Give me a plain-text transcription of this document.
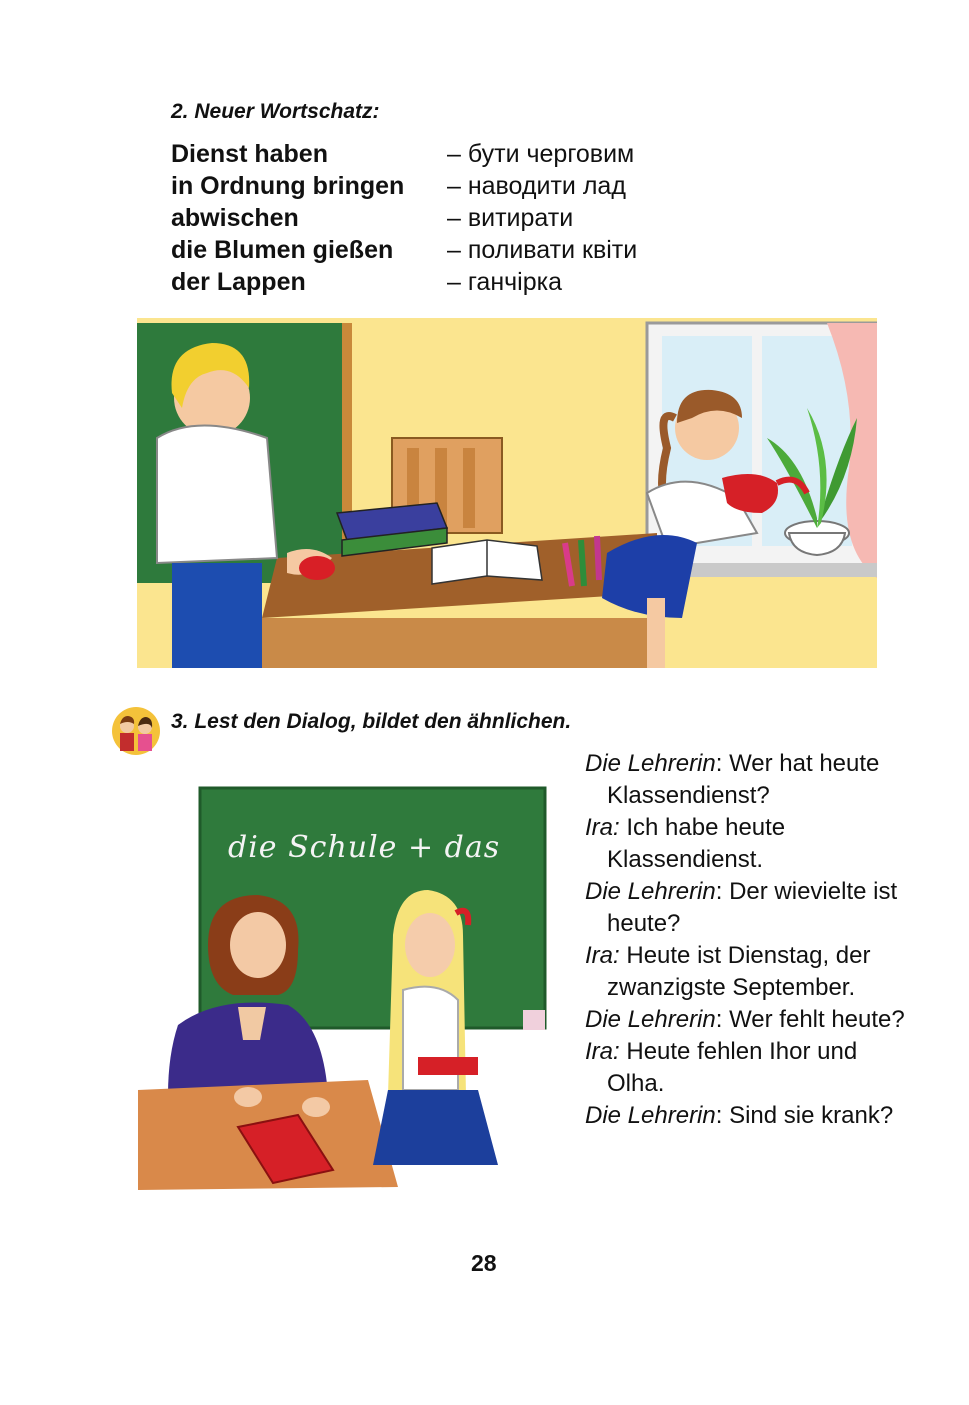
2. Neuer Wortschatz:
Dienst haben	– бути черговим
in Ordnung bringen – наводити лад
abwischen	– витирати
die Blumen gießen – поливати квіти
der Lappen	– ганчірка
3. Lest den Dialog, bildet den ähnlichen.
die Schule + das
Die Lehrerin: Wer hat heute Klassendienst?
Ira: Ich habe heute Klassendienst.
Die Lehrerin: Der wievielte ist heute?
Ira: Heute ist Dienstag, der zwanzigste September.
Die Lehrerin: Wer fehlt heute?
Ira: Heute fehlen Ihor und Olha.
Die Lehrerin: Sind sie krank?
28
